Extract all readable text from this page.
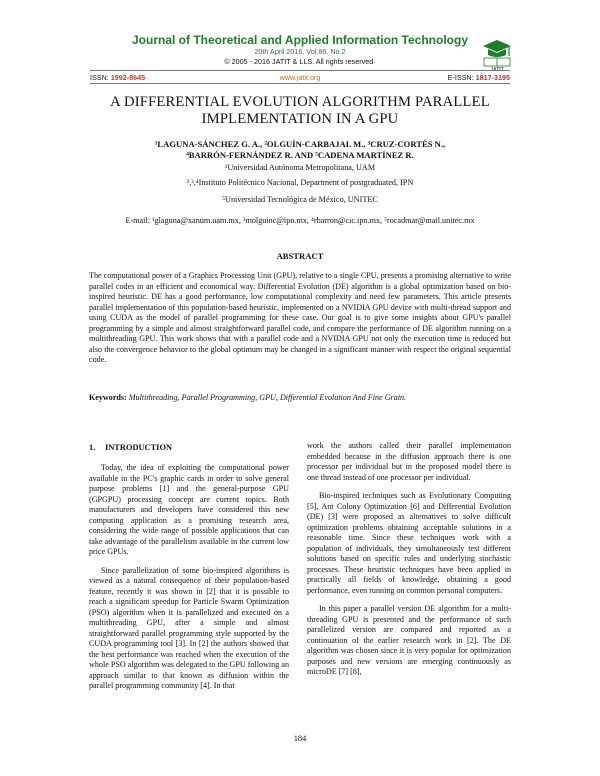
Journal of Theoretical and Applied Information Technology
20th April 2016. Vol.86. No.2
© 2005 - 2016 JATIT & LLS. All rights reserved·
ISSN: 1992-8645	www.jatit.org	E-ISSN: 1817-3195
A DIFFERENTIAL EVOLUTION ALGORITHM PARALLEL
IMPLEMENTATION IN A GPU
¹LAGUNA-SÁNCHEZ G. A., ²OLGUÍN-CARBAJAL M., ³CRUZ-CORTÉS N.,
⁴BARRÓN-FERNÁNDEZ R. AND ⁵CADENA MARTÍNEZ R.
¹Universidad Autónoma Metropolitana, UAM
²,³,⁴Instituto Politécnico Nacional, Department of postgraduated, IPN
⁵Universidad Tecnológica de México, UNITEC
E-mail: ¹glaguna@xanum.uam.mx, ²molguinc@ipn.mx, ⁴rbarron@cic.ipn.mx, ⁵rocadmar@mail.unitec.mx
ABSTRACT
The computational power of a Graphics Processing Unit (GPU), relative to a single CPU, presents a promising alternative to write parallel codes in an efficient and economical way. Differential Evolution (DE) algorithm is a global optimization based on bio-inspired heuristic. DE has a good performance, low computational complexity and need few parameters. This article presents parallel implementation of this population-based heuristic, implemented on a NVIDIA GPU device with multi-thread support and using CUDA as the model of parallel programming for these case. Our goal is to give some insights about GPU's parallel programming by a simple and almost straightforward parallel code, and compare the performance of DE algorithm running on a multithreading GPU. This work shows that with a parallel code and a NVIDIA GPU not only the execution time is reduced but also the convergence behavior to the global optimum may be changed in a significant manner with respect the original sequential code.
Keywords: Multithreading, Parallel Programming, GPU, Differential Evolution And Fine Grain.
1. INTRODUCTION

Today, the idea of exploiting the computational power available in the PC's graphic cards in order to solve general purpose problems [1] and the general-purpose GPU (GPGPU) processing concept are current topics. Both manufacturers and developers have considered this new computing application as a promising research area, considering the wide range of possible applications that can take advantage of the parallelism available in the current low price GPUs.

Since parallelization of some bio-inspired algorithms is viewed as a natural consequence of their population-based feature, recently it was shown in [2] that it is possible to reach a significant speedup for Particle Swarm Optimization (PSO) algorithm when it is parallelized and executed on a multithreading GPU, after a simple and almost straightforward parallel programming style supported by the CUDA programming tool [3]. In [2] the authors showed that the best performance was reached when the execution of the whole PSO algorithm was delegated to the GPU following an approach similar to that known as diffusion within the parallel programming community [4]. In that

work the authors called their parallel implementation embedded because in the diffusion approach there is one processor per individual but in the proposed model there is one thread instead of one processor per individual.

Bio-inspired techniques such as Evolutionary Computing [5], Ant Colony Optimization [6] and Differential Evolution (DE) [3] were proposed as alternatives to solve difficult optimization problems obtaining acceptable solutions in a reasonable time. Since these techniques work with a population of individuals, they simultaneously test different solutions based on specific rules and underlying stochastic processes. These heuristic techniques have been applied in practically all fields of knowledge, obtaining a good performance, even running on common personal computers.

In this paper a parallel version DE algorithm for a multi-threading GPU is presented and the performance of such parallelized version are compared and reported as a continuation of the earlier research work in [2]. The DE algorithm was chosen since it is very popular for optimization purposes and new versions are emerging continuously as microDE [7] [8],

184
